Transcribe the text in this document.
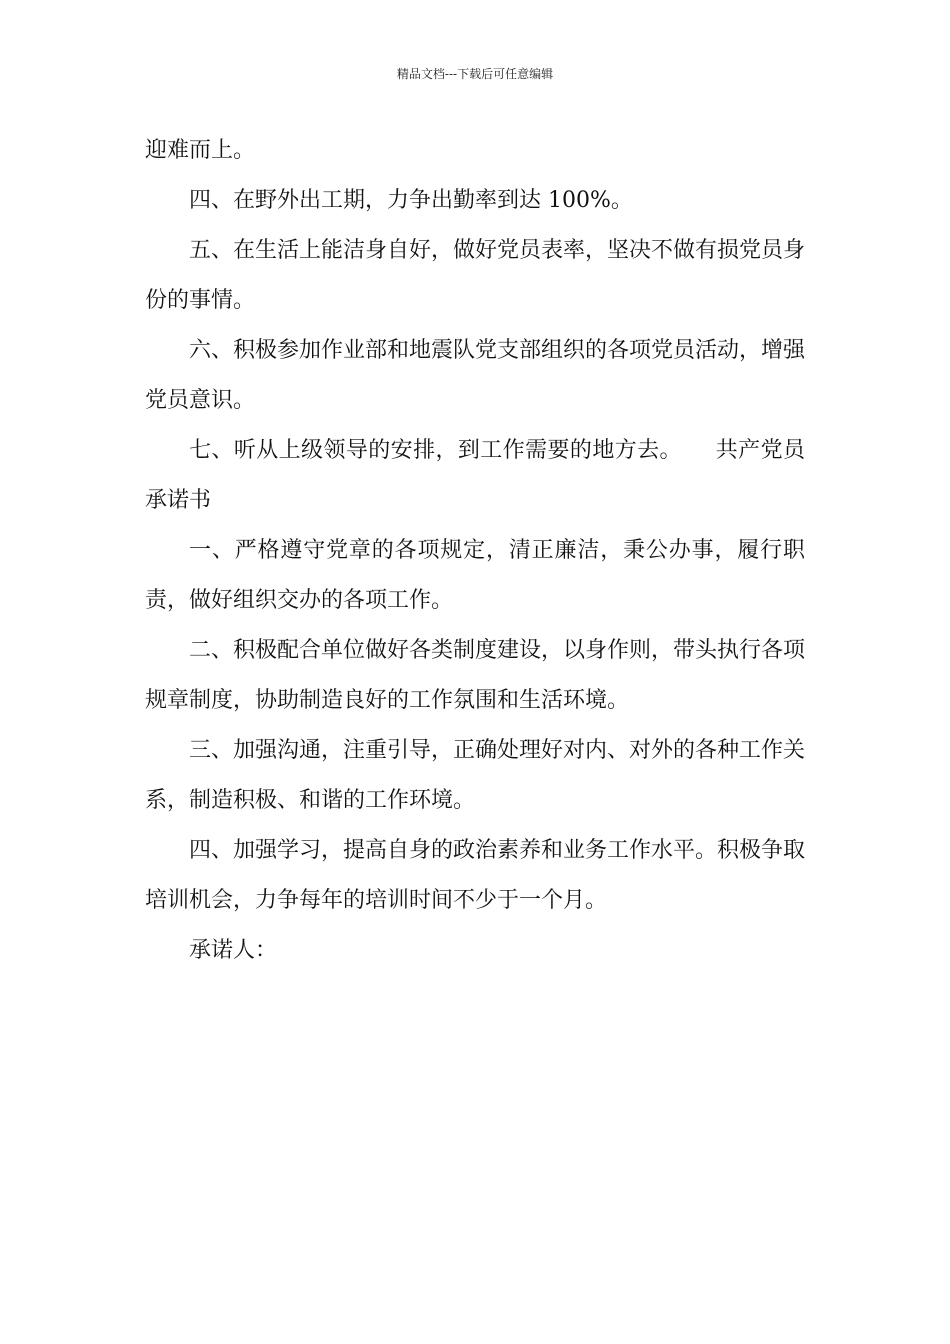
精品文档---下载后可任意编辑

迎难而上。

四、在野外出工期，力争出勤率到达 100%。

五、在生活上能洁身自好，做好党员表率，坚决不做有损党员身份的事情。

六、积极参加作业部和地震队党支部组织的各项党员活动，增强党员意识。

七、听从上级领导的安排，到工作需要的地方去。　　共产党员承诺书

一、严格遵守党章的各项规定，清正廉洁，秉公办事，履行职责，做好组织交办的各项工作。

二、积极配合单位做好各类制度建设，以身作则，带头执行各项规章制度，协助制造良好的工作氛围和生活环境。

三、加强沟通，注重引导，正确处理好对内、对外的各种工作关系，制造积极、和谐的工作环境。

四、加强学习，提高自身的政治素养和业务工作水平。积极争取培训机会，力争每年的培训时间不少于一个月。

承诺人：
